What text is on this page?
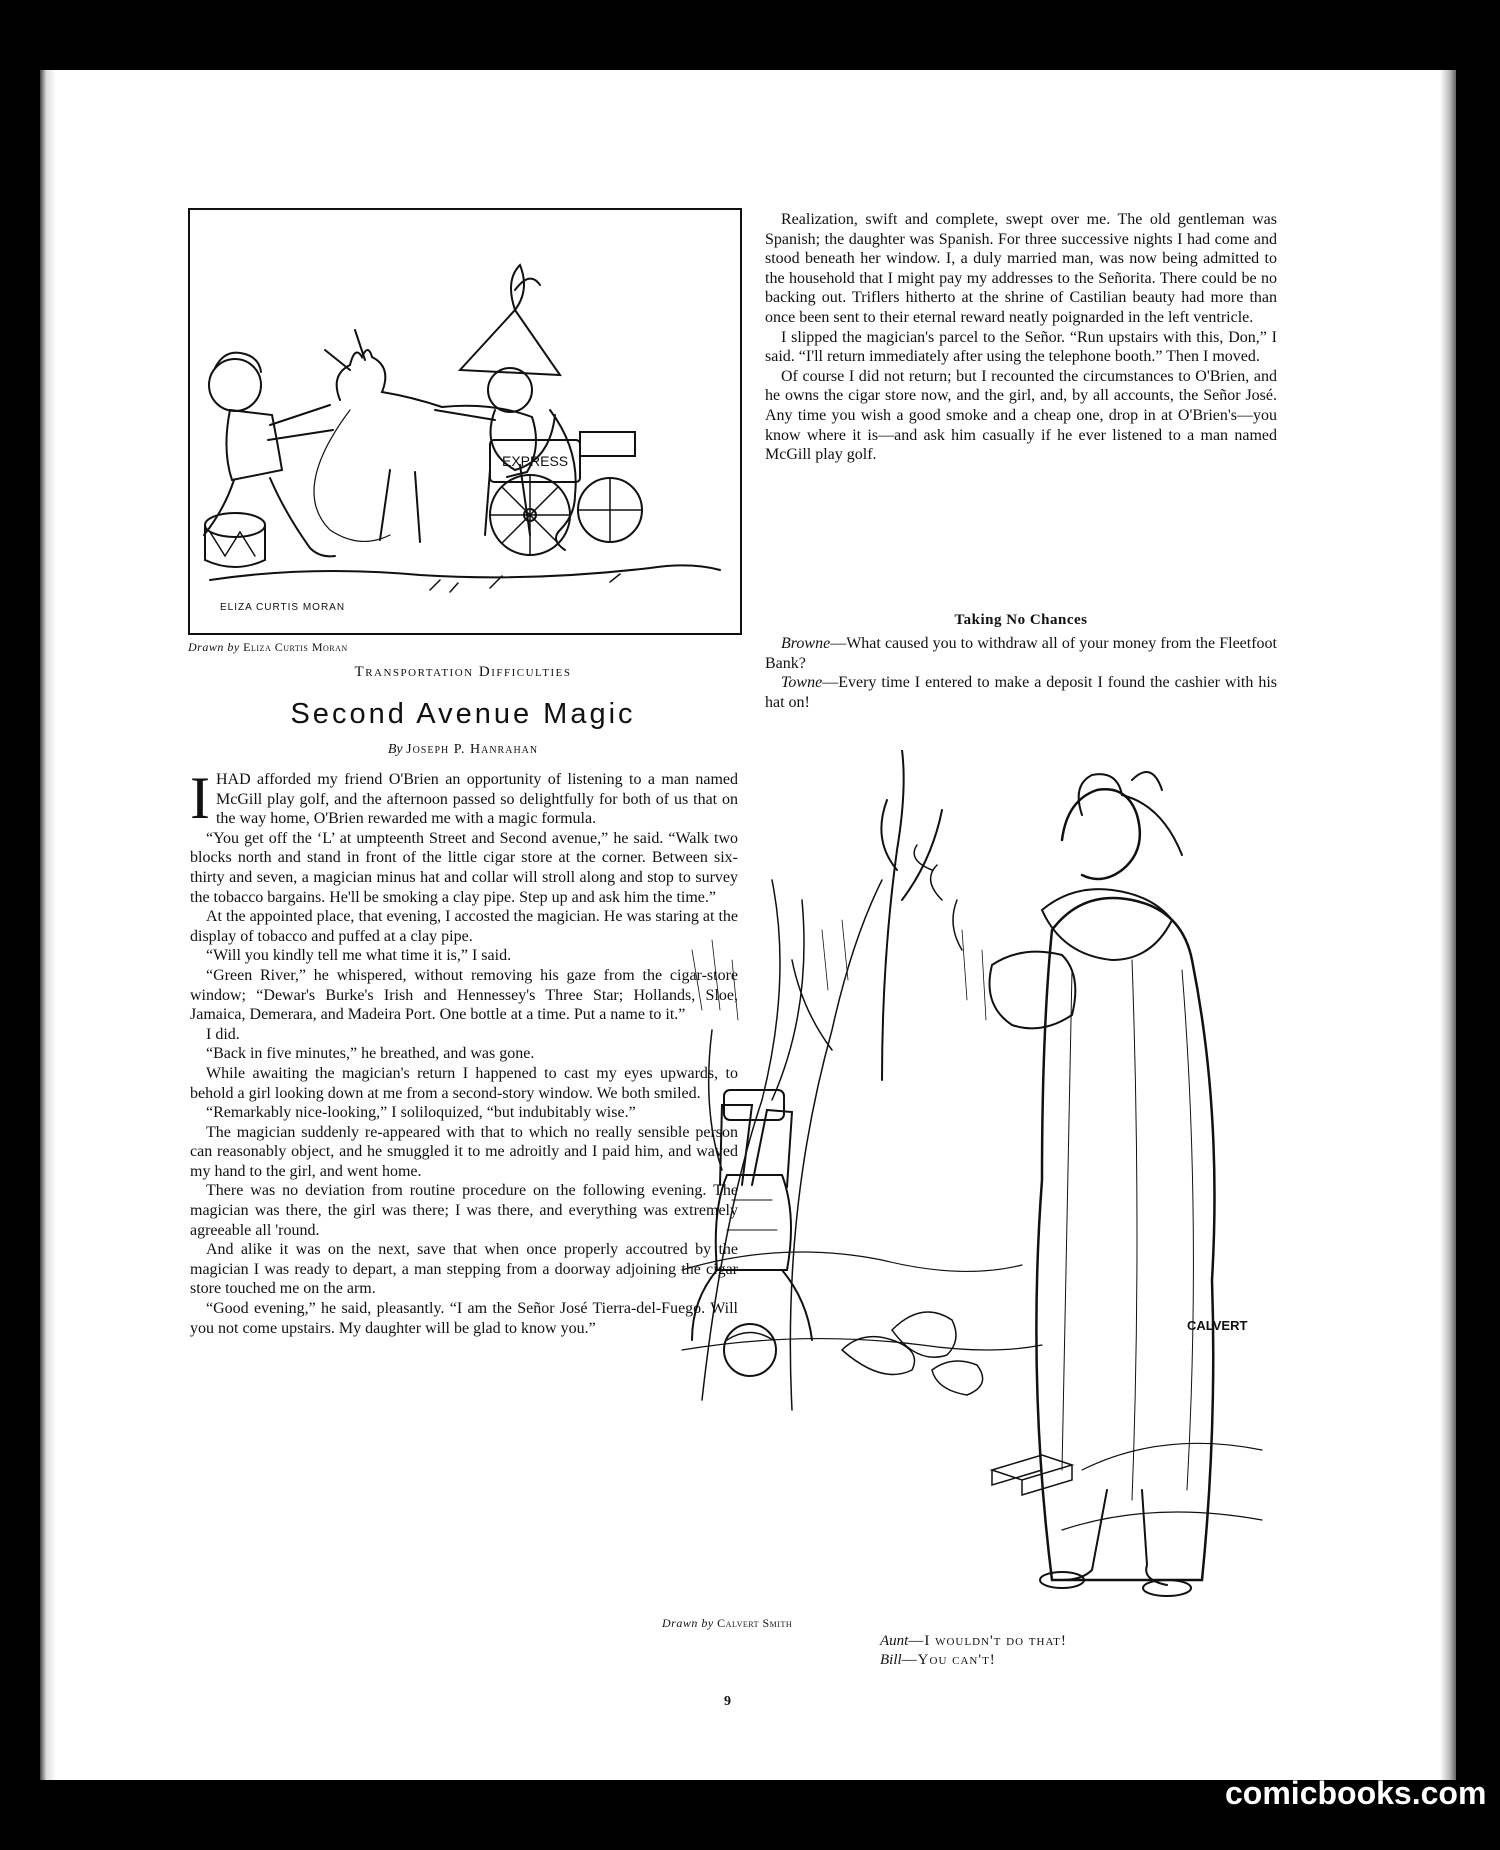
EXPRESS
ELIZA CURTIS MORAN
Drawn by Eliza Curtis Moran
Transportation Difficulties
Second Avenue Magic
By Joseph P. Hanrahan

IHAD afforded my friend O'Brien an opportunity of listening to a man named McGill play golf, and the afternoon passed so delightfully for both of us that on the way home, O'Brien rewarded me with a magic formula.

“You get off the ‘L’ at umpteenth Street and Second avenue,” he said. “Walk two blocks north and stand in front of the little cigar store at the corner. Between six-thirty and seven, a magician minus hat and collar will stroll along and stop to survey the tobacco bargains. He'll be smoking a clay pipe. Step up and ask him the time.”

At the appointed place, that evening, I accosted the magician. He was staring at the display of tobacco and puffed at a clay pipe.

“Will you kindly tell me what time it is,” I said.

“Green River,” he whispered, without removing his gaze from the cigar-store window; “Dewar's Burke's Irish and Hennessey's Three Star; Hollands, Sloe, Jamaica, Demerara, and Madeira Port. One bottle at a time. Put a name to it.”

I did.

“Back in five minutes,” he breathed, and was gone.

While awaiting the magician's return I happened to cast my eyes upwards, to behold a girl looking down at me from a second-story window. We both smiled.

“Remarkably nice-looking,” I soliloquized, “but indubitably wise.”

The magician suddenly re-appeared with that to which no really sensible person can reasonably object, and he smuggled it to me adroitly and I paid him, and waved my hand to the girl, and went home.

There was no deviation from routine procedure on the following evening. The magician was there, the girl was there; I was there, and everything was extremely agreeable all 'round.

And alike it was on the next, save that when once properly accoutred by the magician I was ready to depart, a man stepping from a doorway adjoining the cigar store touched me on the arm.

“Good evening,” he said, pleasantly. “I am the Señor José Tierra-del-Fuego. Will you not come upstairs. My daughter will be glad to know you.”

Realization, swift and complete, swept over me. The old gentleman was Spanish; the daughter was Spanish. For three successive nights I had come and stood beneath her window. I, a duly married man, was now being admitted to the household that I might pay my addresses to the Señorita. There could be no backing out. Triflers hitherto at the shrine of Castilian beauty had more than once been sent to their eternal reward neatly poignarded in the left ventricle.

I slipped the magician's parcel to the Señor. “Run upstairs with this, Don,” I said. “I'll return immediately after using the telephone booth.” Then I moved.

Of course I did not return; but I recounted the circumstances to O'Brien, and he owns the cigar store now, and the girl, and, by all accounts, the Señor José. Any time you wish a good smoke and a cheap one, drop in at O'Brien's—you know where it is—and ask him casually if he ever listened to a man named McGill play golf.

Taking No Chances

Browne—What caused you to withdraw all of your money from the Fleetfoot Bank?

Towne—Every time I entered to make a deposit I found the cashier with his hat on!

CALVERT
Drawn by Calvert Smith
Aunt—I wouldn't do that!
Bill—You can't!
9
comicbooks.com
